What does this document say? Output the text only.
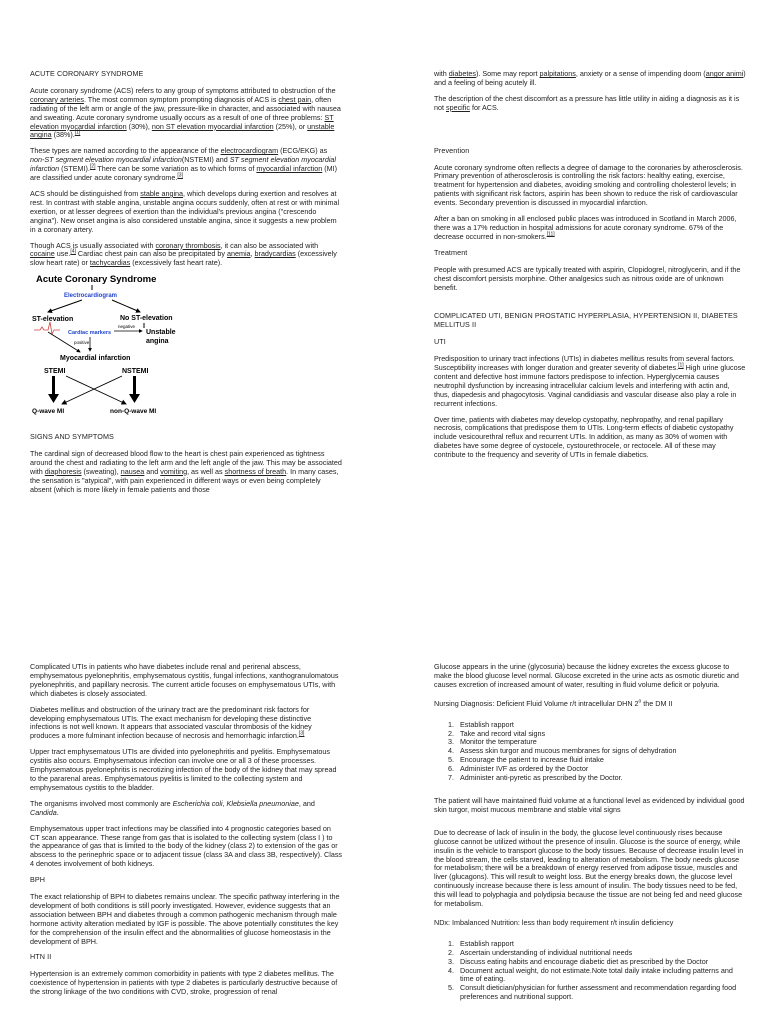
ACUTE CORONARY SYNDROME

Acute coronary syndrome (ACS) refers to any group of symptoms attributed to obstruction of the coronary arteries. The most common symptom prompting diagnosis of ACS is chest pain, often radiating of the left arm or angle of the jaw, pressure-like in character, and associated with nausea and sweating. Acute coronary syndrome usually occurs as a result of one of three problems: ST elevation myocardial infarction (30%), non ST elevation myocardial infarction (25%), or unstable angina (38%).[1]

These types are named according to the appearance of the electrocardiogram (ECG/EKG) as non-ST segment elevation myocardial infarction(NSTEMI) and ST segment elevation myocardial infarction (STEMI).[2] There can be some variation as to which forms of myocardial infarction (MI) are classified under acute coronary syndrome.[3]

ACS should be distinguished from stable angina, which develops during exertion and resolves at rest. In contrast with stable angina, unstable angina occurs suddenly, often at rest or with minimal exertion, or at lesser degrees of exertion than the individual's previous angina ("crescendo angina"). New onset angina is also considered unstable angina, since it suggests a new problem in a coronary artery.

Though ACS is usually associated with coronary thrombosis, it can also be associated with cocaine use.[4] Cardiac chest pain can also be precipitated by anemia, bradycardias (excessively slow heart rate) or tachycardias (excessively fast heart rate).

Acute Coronary Syndrome
Electrocardiogram
ST-elevation	No ST-elevation
Cardiac markers
negative
Unstable
angina
positive
Myocardial infarction
STEMI	NSTEMI
Q-wave MI	non-Q-wave MI
SIGNS AND SYMPTOMS

The cardinal sign of decreased blood flow to the heart is chest pain experienced as tightness around the chest and radiating to the left arm and the left angle of the jaw. This may be associated with diaphoresis (sweating), nausea and vomiting, as well as shortness of breath. In many cases, the sensation is "atypical", with pain experienced in different ways or even being completely absent (which is more likely in female patients and those

with diabetes). Some may report palpitations, anxiety or a sense of impending doom (angor animi) and a feeling of being acutely ill.

The description of the chest discomfort as a pressure has little utility in aiding a diagnosis as it is not specific for ACS.

Prevention

Acute coronary syndrome often reflects a degree of damage to the coronaries by atherosclerosis. Primary prevention of atherosclerosis is controlling the risk factors: healthy eating, exercise, treatment for hypertension and diabetes, avoiding smoking and controlling cholesterol levels; in patients with significant risk factors, aspirin has been shown to reduce the risk of cardiovascular events. Secondary prevention is discussed in myocardial infarction.

After a ban on smoking in all enclosed public places was introduced in Scotland in March 2006, there was a 17% reduction in hospital admissions for acute coronary syndrome. 67% of the decrease occurred in non-smokers.[11]

Treatment

People with presumed ACS are typically treated with aspirin, Clopidogrel, nitroglycerin, and if the chest discomfort persists morphine. Other analgesics such as nitrous oxide are of unknown benefit.

COMPLICATED UTI, BENIGN PROSTATIC HYPERPLASIA, HYPERTENSION II, DIABETES MELLITUS II
UTI

Predisposition to urinary tract infections (UTIs) in diabetes mellitus results from several factors. Susceptibility increases with longer duration and greater severity of diabetes.[1] High urine glucose content and defective host immune factors predispose to infection. Hyperglycemia causes neutrophil dysfunction by increasing intracellular calcium levels and interfering with actin and, thus, diapedesis and phagocytosis. Vaginal candidiasis and vascular disease also play a role in recurrent infections.

Over time, patients with diabetes may develop cystopathy, nephropathy, and renal papillary necrosis, complications that predispose them to UTIs. Long-term effects of diabetic cystopathy include vesicourethral reflux and recurrent UTIs. In addition, as many as 30% of women with diabetes have some degree of cystocele, cystourethrocele, or rectocele. All of these may contribute to the frequency and severity of UTIs in female diabetics.

Complicated UTIs in patients who have diabetes include renal and perirenal abscess, emphysematous pyelonephritis, emphysematous cystitis, fungal infections, xanthogranulomatous pyelonephritis, and papillary necrosis. The current article focuses on emphysematous UTIs, with which diabetes is closely associated.

Diabetes mellitus and obstruction of the urinary tract are the predominant risk factors for developing emphysematous UTIs. The exact mechanism for developing these distinctive infections is not well known. It appears that associated vascular thrombosis of the kidney produces a more fulminant infection because of necrosis and hemorrhagic infarction.[3]

Upper tract emphysematous UTIs are divided into pyelonephritis and pyelitis. Emphysematous cystitis also occurs. Emphysematous infection can involve one or all 3 of these processes. Emphysematous pyelonephritis is necrotizing infection of the body of the kidney that may spread to the pararenal areas. Emphysematous pyelitis is limited to the collecting system and emphysematous cystitis to the bladder.

The organisms involved most commonly are Escherichia coli, Klebsiella pneumoniae, and Candida.

Emphysematous upper tract infections may be classified into 4 prognostic categories based on CT scan appearance. These range from gas that is isolated to the collecting system (class I ) to the appearance of gas that is limited to the body of the kidney (class 2) to extension of the gas or abscess to the perinephric space or to adjacent tissue (class 3A and class 3B, respectively). Class 4 denotes involvement of both kidneys.

BPH

The exact relationship of BPH to diabetes remains unclear. The specific pathway interfering in the development of both conditions is still poorly investigated. However, evidence suggests that an association between BPH and diabetes through a common pathogenic mechanism through male hormone activity alteration mediated by IGF is possible. The above potentially constitutes the key for the comprehension of the insulin effect and the abnormalities of glucose homeostasis in the development of BPH.

HTN II

Hypertension is an extremely common comorbidity in patients with type 2 diabetes mellitus. The coexistence of hypertension in patients with type 2 diabetes is particularly destructive because of the strong linkage of the two conditions with CVD, stroke, progression of renal

Glucose appears in the urine (glycosuria) because the kidney excretes the excess glucose to make the blood glucose level normal. Glucose excreted in the urine acts as osmotic diuretic and causes excretion of increased amount of water, resulting in fluid volume deficit or polyuria.

Nursing Diagnosis: Deficient Fluid Volume r/t intracellular DHN 2$^o$ the DM II

1. Establish rapport
2. Take and record vital signs
3. Monitor the temperature
4. Assess skin turgor and mucous membranes for signs of dehydration
5. Encourage the patient to increase fluid intake
6. Administer IVF as ordered by the Doctor
7. Administer anti-pyretic as prescribed by the Doctor.

The patient will have maintained fluid volume at a functional level as evidenced by individual good skin turgor, moist mucous membrane and stable vital signs

Due to decrease of lack of insulin in the body, the glucose level continuously rises because glucose cannot be utilized without the presence of insulin. Glucose is the source of energy, while insulin is the vehicle to transport glucose to the body tissues. Because of decrease insulin level in the blood stream, the cells starved, leading to alteration of metabolism. The body needs glucose for metabolism; there will be a breakdown of energy reserved from adipose tissue, muscles and liver (glucagons). This will result to weight loss. But the energy breaks down, the glucose level continuously increase because there is less amount of insulin. The body tissues need to be fed, this will lead to polyphagia and polydipsia because the tissue are not being fed and need glucose for metabolism.

NDx: Imbalanced Nutrition: less than body requirement r/t insulin deficiency

1. Establish rapport
2. Ascertain understanding of individual nutritional needs
3. Discuss eating habits and encourage diabetic diet as prescribed by the Doctor
4. Document actual weight, do not estimate.Note total daily intake including patterns and time of eating.
5. Consult dietician/physician for further assessment and recommendation regarding food preferences and nutritional support.
